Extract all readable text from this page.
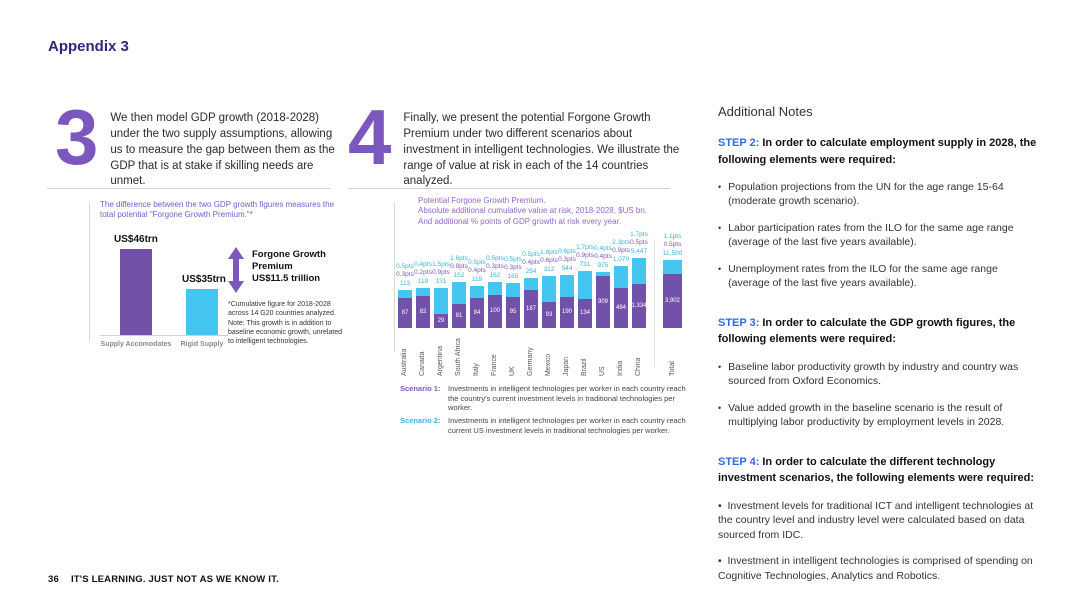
Appendix 3
3 We then model GDP growth (2018-2028) under the two supply assumptions, allowing us to measure the gap between them as the GDP that is at stake if skilling needs are unmet.
4 Finally, we present the potential Forgone Growth Premium under two different scenarios about investment in intelligent technologies. We illustrate the range of value at risk in each of the 14 countries analyzed.
The difference between the two GDP growth figures measures the total potential "Forgone Growth Premium."*
US$46trn
US$35trn
Supply Accomodates Rigid Supply
Forgone Growth Premium
US$11.5 trillion
*Cumulative figure for 2018-2028 across 14 G20 countries analyzed. Note: This growth is in addition to baseline economic growth, unrelated to intelligent technologies.
Potential Forgone Growth Premium.
Absolute additional cumulative value at risk, 2018-2028, $US bn.
And additional % points of GDP growth at risk every year.
0.5pts
0.3pts
113
87
Australia
0.4pts
0.2pts
119
82
Canada
1.5pts
0.9pts
131
29
Argentina
1.6pts
0.8pts
152
81
South Africa
0.5pts
0.4pts
119
84
Italy
0.5pts
0.3pts
162
100
France
0.5pts
0.3pts
165
95
UK
0.5pts
0.4pts
254
187
Germany
1.8pts
0.6pts
312
93
Mexico
0.6pts
0.3pts
544
190
Japan
1.7pts
0.9pts
731
134
Brazil
0.4pts
0.4pts
975
909
US
2.3pts
0.9pts
1,070
484
India
1.7pts
0.5pts
5,447
1,334
China
1.1pts
0.5pts
11,500
3,902
Total
Scenario 1:	Investments in intelligent technologies per worker in each country reach the country's current investment levels in traditional technologies per worker.
Scenario 2:	Investments in intelligent technologies per worker in each country reach current US investment levels in traditional technologies per worker.
Additional Notes
STEP 2: In order to calculate employment supply in 2028, the following elements were required:
• Population projections from the UN for the age range 15-64 (moderate growth scenario).
• Labor participation rates from the ILO for the same age range (average of the last five years available).
• Unemployment rates from the ILO for the same age range (average of the last five years available).
STEP 3: In order to calculate the GDP growth figures, the following elements were required:
• Baseline labor productivity growth by industry and country was sourced from Oxford Economics.
• Value added growth in the baseline scenario is the result of multiplying labor productivity by employment levels in 2028.
STEP 4: In order to calculate the different technology investment scenarios, the following elements were required:
•  Investment levels for traditional ICT and intelligent technologies at the country level and industry level were calculated based on data sourced from IDC.
•  Investment in intelligent technologies is comprised of spending on Cognitive Technologies, Analytics and Robotics.
36 IT'S LEARNING. JUST NOT AS WE KNOW IT.
